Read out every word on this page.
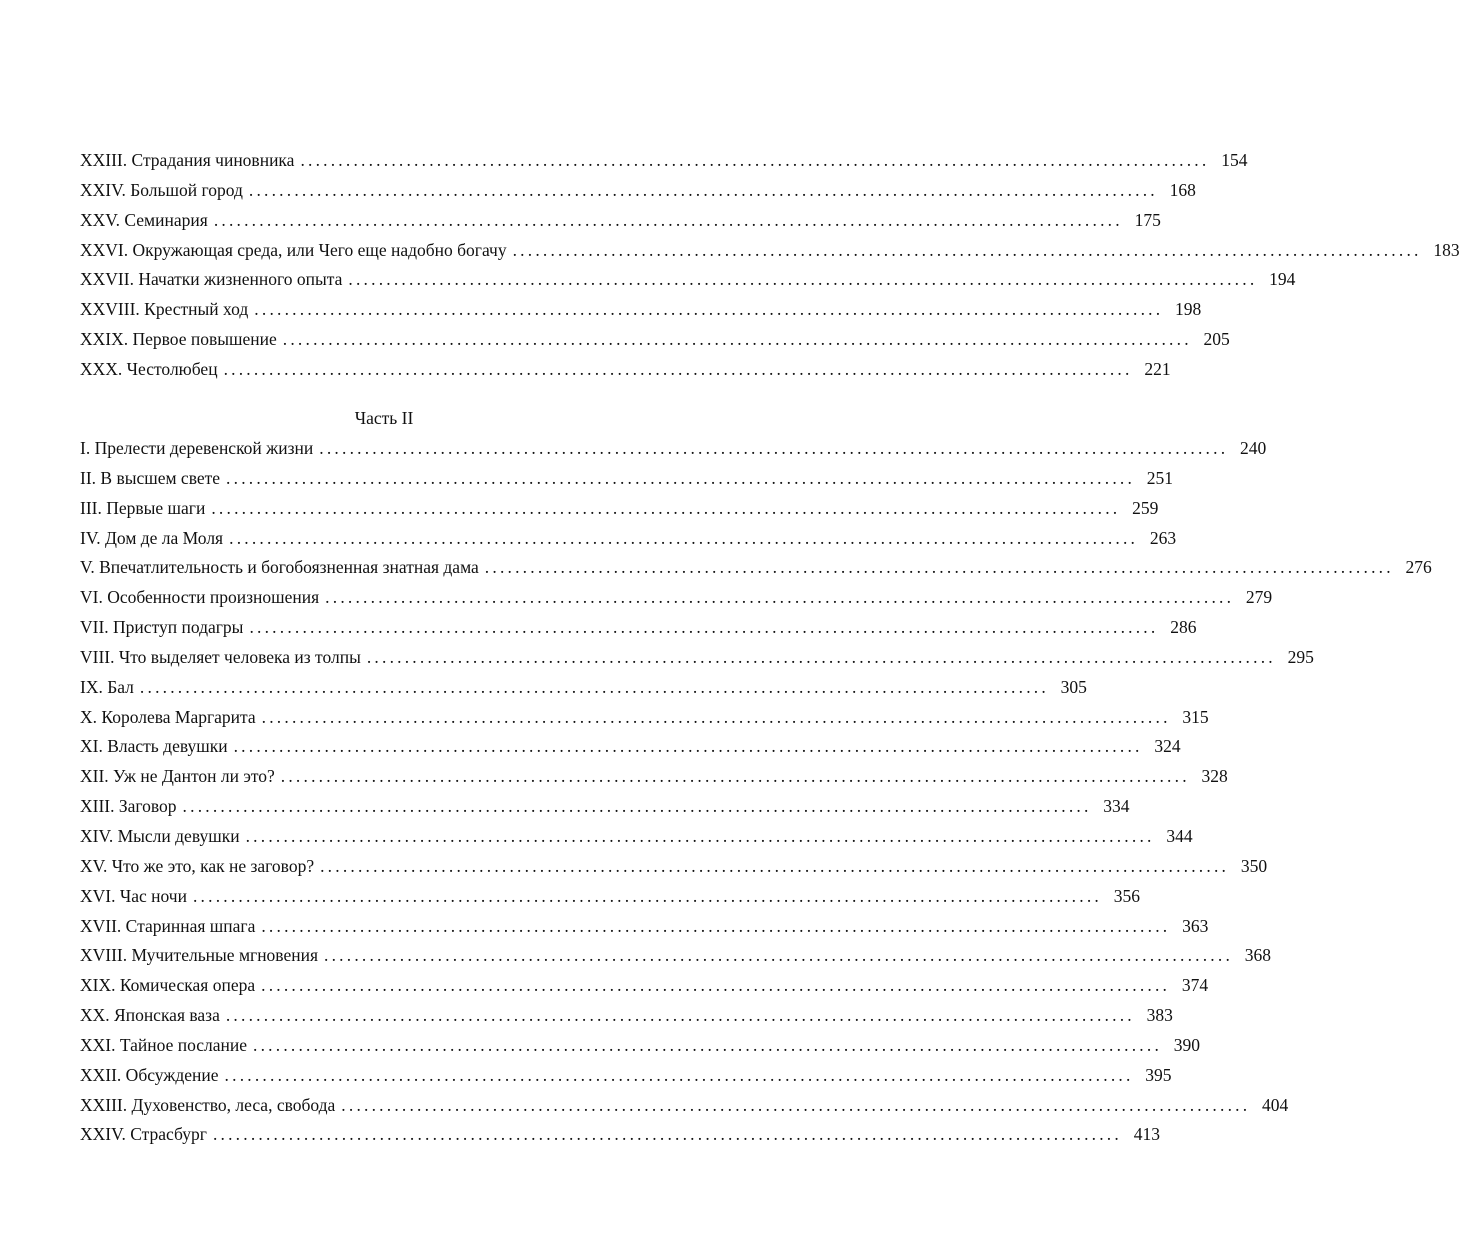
XXIII. Страдания чиновника ........................................................................................................................ 154
XXIV. Большой город ........................................................................................................................ 168
XXV. Семинария ........................................................................................................................ 175
XXVI. Окружающая среда, или Чего еще надобно богачу ........................................................................................................................ 183
XXVII. Начатки жизненного опыта ........................................................................................................................ 194
XXVIII. Крестный ход ........................................................................................................................ 198
XXIX. Первое повышение ........................................................................................................................ 205
XXX. Честолюбец ........................................................................................................................ 221
Часть II
I. Прелести деревенской жизни ........................................................................................................................ 240
II. В высшем свете ........................................................................................................................ 251
III. Первые шаги ........................................................................................................................ 259
IV. Дом де ла Моля ........................................................................................................................ 263
V. Впечатлительность и богобоязненная знатная дама ........................................................................................................................ 276
VI. Особенности произношения ........................................................................................................................ 279
VII. Приступ подагры ........................................................................................................................ 286
VIII. Что выделяет человека из толпы ........................................................................................................................ 295
IX. Бал ........................................................................................................................ 305
X. Королева Маргарита ........................................................................................................................ 315
XI. Власть девушки ........................................................................................................................ 324
XII. Уж не Дантон ли это? ........................................................................................................................ 328
XIII. Заговор ........................................................................................................................ 334
XIV. Мысли девушки ........................................................................................................................ 344
XV. Что же это, как не заговор? ........................................................................................................................ 350
XVI. Час ночи ........................................................................................................................ 356
XVII. Старинная шпага ........................................................................................................................ 363
XVIII. Мучительные мгновения ........................................................................................................................ 368
XIX. Комическая опера ........................................................................................................................ 374
XX. Японская ваза ........................................................................................................................ 383
XXI. Тайное послание ........................................................................................................................ 390
XXII. Обсуждение ........................................................................................................................ 395
XXIII. Духовенство, леса, свобода ........................................................................................................................ 404
XXIV. Страсбург ........................................................................................................................ 413
